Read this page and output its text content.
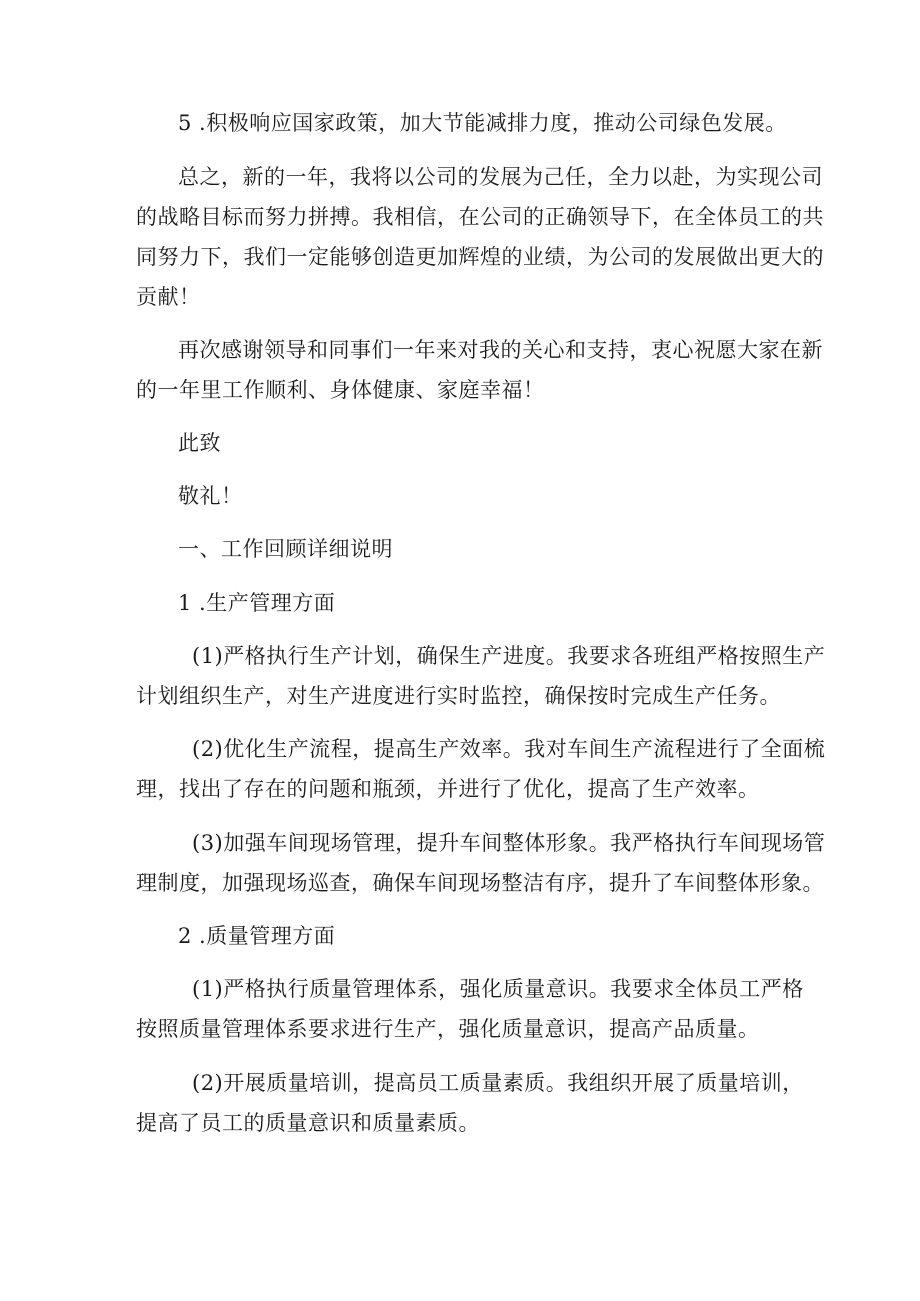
5 .积极响应国家政策，加大节能减排力度，推动公司绿色发展。
总之，新的一年，我将以公司的发展为己任，全力以赴，为实现公司
的战略目标而努力拼搏。我相信，在公司的正确领导下，在全体员工的共
同努力下，我们一定能够创造更加辉煌的业绩，为公司的发展做出更大的
贡献！
再次感谢领导和同事们一年来对我的关心和支持，衷心祝愿大家在新
的一年里工作顺利、身体健康、家庭幸福！
此致
敬礼！
一、工作回顾详细说明
1 .生产管理方面
(1)严格执行生产计划，确保生产进度。我要求各班组严格按照生产
计划组织生产，对生产进度进行实时监控，确保按时完成生产任务。
(2)优化生产流程，提高生产效率。我对车间生产流程进行了全面梳
理，找出了存在的问题和瓶颈，并进行了优化，提高了生产效率。
(3)加强车间现场管理，提升车间整体形象。我严格执行车间现场管
理制度，加强现场巡查，确保车间现场整洁有序，提升了车间整体形象。
2 .质量管理方面
(1)严格执行质量管理体系，强化质量意识。我要求全体员工严格
按照质量管理体系要求进行生产，强化质量意识，提高产品质量。
(2)开展质量培训，提高员工质量素质。我组织开展了质量培训，
提高了员工的质量意识和质量素质。
